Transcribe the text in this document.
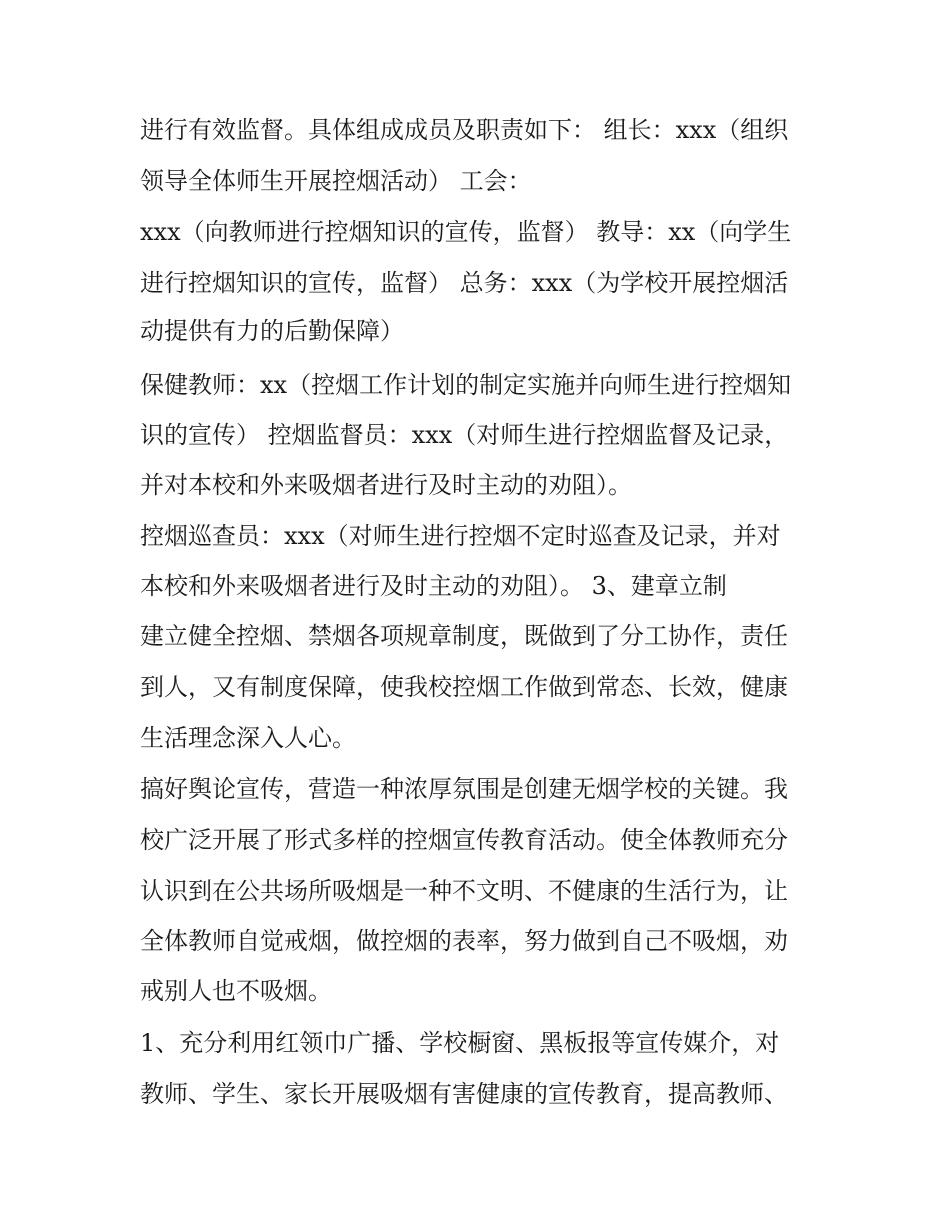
进行有效监督。具体组成成员及职责如下： 组长：xxx（组织
领导全体师生开展控烟活动） 工会：
xxx（向教师进行控烟知识的宣传，监督） 教导：xx（向学生
进行控烟知识的宣传，监督） 总务：xxx（为学校开展控烟活
动提供有力的后勤保障）
保健教师：xx（控烟工作计划的制定实施并向师生进行控烟知
识的宣传） 控烟监督员：xxx（对师生进行控烟监督及记录，
并对本校和外来吸烟者进行及时主动的劝阻）。
控烟巡查员：xxx（对师生进行控烟不定时巡查及记录，并对
本校和外来吸烟者进行及时主动的劝阻）。 3、建章立制
建立健全控烟、禁烟各项规章制度，既做到了分工协作，责任
到人，又有制度保障，使我校控烟工作做到常态、长效，健康
生活理念深入人心。
搞好舆论宣传，营造一种浓厚氛围是创建无烟学校的关键。我
校广泛开展了形式多样的控烟宣传教育活动。使全体教师充分
认识到在公共场所吸烟是一种不文明、不健康的生活行为，让
全体教师自觉戒烟，做控烟的表率，努力做到自己不吸烟，劝
戒别人也不吸烟。
1、充分利用红领巾广播、学校橱窗、黑板报等宣传媒介，对
教师、学生、家长开展吸烟有害健康的宣传教育，提高教师、
